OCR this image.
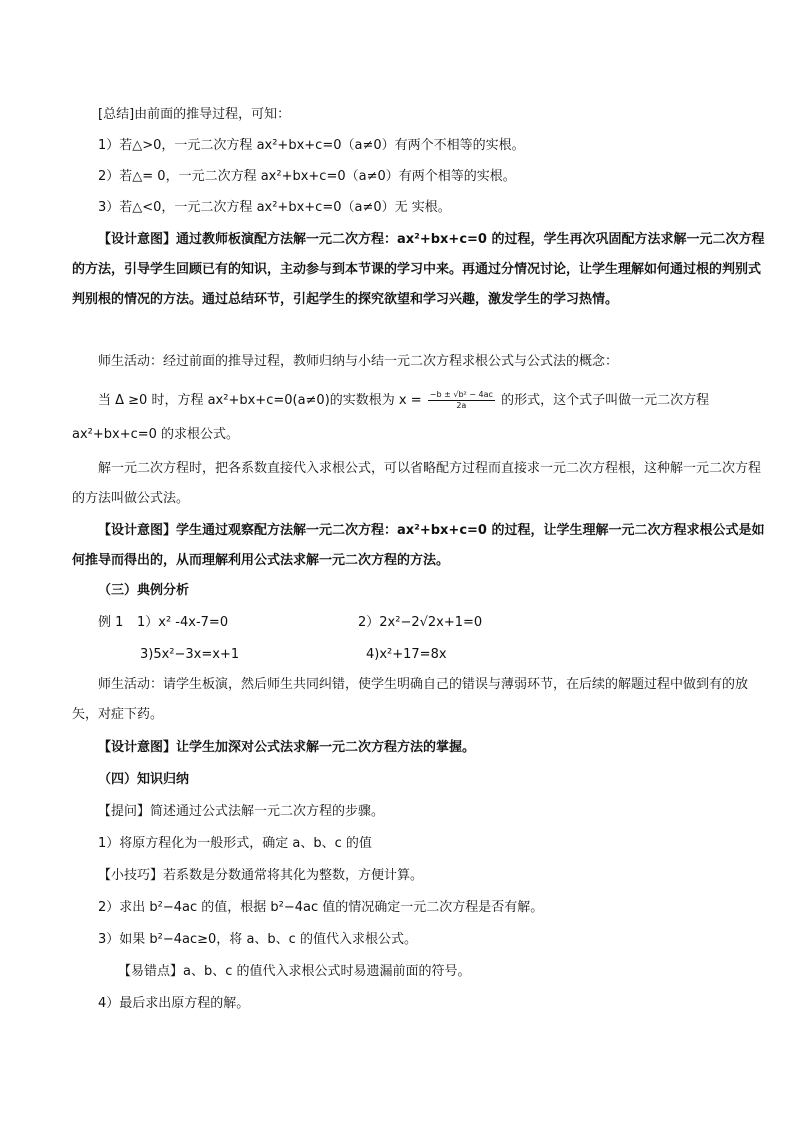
[总结]由前面的推导过程，可知：
1）若△>0，一元二次方程 ax²+bx+c=0（a≠0）有两个不相等的实根。
2）若△= 0，一元二次方程 ax²+bx+c=0（a≠0）有两个相等的实根。
3）若△<0，一元二次方程 ax²+bx+c=0（a≠0）无 实根。
【设计意图】通过教师板演配方法解一元二次方程：ax²+bx+c=0 的过程，学生再次巩固配方法求解一元二次方程的方法，引导学生回顾已有的知识，主动参与到本节课的学习中来。再通过分情况讨论，让学生理解如何通过根的判别式判别根的情况的方法。通过总结环节，引起学生的探究欲望和学习兴趣，激发学生的学习热情。
师生活动：经过前面的推导过程，教师归纳与小结一元二次方程求根公式与公式法的概念：
当 Δ ≥0 时，方程 ax²+bx+c=0(a≠0)的实数根为 $x = \frac{\text{−b ± √b² − 4ac}}{2a}$ 的形式，这个式子叫做一元二次方程
ax²+bx+c=0 的求根公式。
解一元二次方程时，把各系数直接代入求根公式，可以省略配方过程而直接求一元二次方程根，这种解一元二次方程的方法叫做公式法。
【设计意图】学生通过观察配方法解一元二次方程：ax²+bx+c=0 的过程，让学生理解一元二次方程求根公式是如何推导而得出的，从而理解利用公式法求解一元二次方程的方法。
（三）典例分析
例 1 1）x² -4x-7=0	2）2x²−2√2x+1=0
3)5x²−3x=x+1	4)x²+17=8x
师生活动：请学生板演，然后师生共同纠错，使学生明确自己的错误与薄弱环节，在后续的解题过程中做到有的放矢，对症下药。
【设计意图】让学生加深对公式法求解一元二次方程方法的掌握。
（四）知识归纳
【提问】简述通过公式法解一元二次方程的步骤。
1）将原方程化为一般形式，确定 a、b、c 的值
【小技巧】若系数是分数通常将其化为整数，方便计算。
2）求出 b²−4ac 的值，根据 b²−4ac 值的情况确定一元二次方程是否有解。
3）如果 b²−4ac≥0，将 a、b、c 的值代入求根公式。
【易错点】a、b、c 的值代入求根公式时易遗漏前面的符号。
4）最后求出原方程的解。
